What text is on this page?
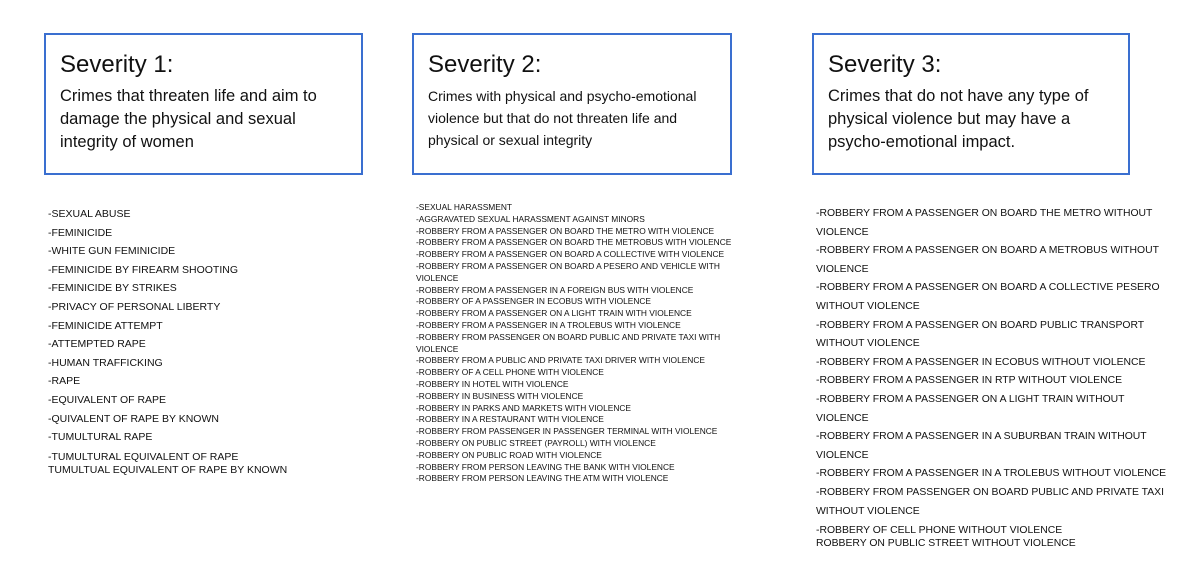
Severity 1:
Crimes that threaten life and aim to damage the physical and sexual integrity of women
-SEXUAL ABUSE
-FEMINICIDE
-WHITE GUN FEMINICIDE
-FEMINICIDE BY FIREARM SHOOTING
-FEMINICIDE BY STRIKES
-PRIVACY OF PERSONAL LIBERTY
-FEMINICIDE ATTEMPT
-ATTEMPTED RAPE
-HUMAN TRAFFICKING
-RAPE
-EQUIVALENT OF RAPE
-QUIVALENT OF RAPE BY KNOWN
-TUMULTURAL RAPE
-TUMULTURAL EQUIVALENT OF RAPE
TUMULTUAL EQUIVALENT OF RAPE BY KNOWN
Severity 2:
Crimes with physical and psycho-emotional violence but that do not threaten life and physical or sexual integrity
-SEXUAL HARASSMENT
-AGGRAVATED SEXUAL HARASSMENT AGAINST MINORS
-ROBBERY FROM A PASSENGER ON BOARD THE METRO WITH VIOLENCE
-ROBBERY FROM A PASSENGER ON BOARD THE METROBUS WITH VIOLENCE
-ROBBERY FROM A PASSENGER ON BOARD A COLLECTIVE WITH VIOLENCE
-ROBBERY FROM A PASSENGER ON BOARD A PESERO AND VEHICLE WITH VIOLENCE
-ROBBERY FROM A PASSENGER IN A FOREIGN BUS WITH VIOLENCE
-ROBBERY OF A PASSENGER IN ECOBUS WITH VIOLENCE
-ROBBERY FROM A PASSENGER ON A LIGHT TRAIN WITH VIOLENCE
-ROBBERY FROM A PASSENGER IN A TROLEBUS WITH VIOLENCE
-ROBBERY FROM PASSENGER ON BOARD PUBLIC AND PRIVATE TAXI WITH VIOLENCE
-ROBBERY FROM A PUBLIC AND PRIVATE TAXI DRIVER WITH VIOLENCE
-ROBBERY OF A CELL PHONE WITH VIOLENCE
-ROBBERY IN HOTEL WITH VIOLENCE
-ROBBERY IN BUSINESS WITH VIOLENCE
-ROBBERY IN PARKS AND MARKETS WITH VIOLENCE
-ROBBERY IN A RESTAURANT WITH VIOLENCE
-ROBBERY FROM PASSENGER IN PASSENGER TERMINAL WITH VIOLENCE
-ROBBERY ON PUBLIC STREET (PAYROLL) WITH VIOLENCE
-ROBBERY ON PUBLIC ROAD WITH VIOLENCE
-ROBBERY FROM PERSON LEAVING THE BANK WITH VIOLENCE
-ROBBERY FROM PERSON LEAVING THE ATM WITH VIOLENCE
Severity 3:
Crimes that do not have any type of physical violence but may have a psycho-emotional impact.
-ROBBERY FROM A PASSENGER ON BOARD THE METRO WITHOUT VIOLENCE
-ROBBERY FROM A PASSENGER ON BOARD A METROBUS WITHOUT VIOLENCE
-ROBBERY FROM A PASSENGER ON BOARD A COLLECTIVE PESERO WITHOUT VIOLENCE
-ROBBERY FROM A PASSENGER ON BOARD PUBLIC TRANSPORT WITHOUT VIOLENCE
-ROBBERY FROM A PASSENGER IN ECOBUS WITHOUT VIOLENCE
-ROBBERY FROM A PASSENGER IN RTP WITHOUT VIOLENCE
-ROBBERY FROM A PASSENGER ON A LIGHT TRAIN WITHOUT VIOLENCE
-ROBBERY FROM A PASSENGER IN A SUBURBAN TRAIN WITHOUT VIOLENCE
-ROBBERY FROM A PASSENGER IN A TROLEBUS WITHOUT VIOLENCE
-ROBBERY FROM PASSENGER ON BOARD PUBLIC AND PRIVATE TAXI WITHOUT VIOLENCE
-ROBBERY OF CELL PHONE WITHOUT VIOLENCE
ROBBERY ON PUBLIC STREET WITHOUT VIOLENCE
